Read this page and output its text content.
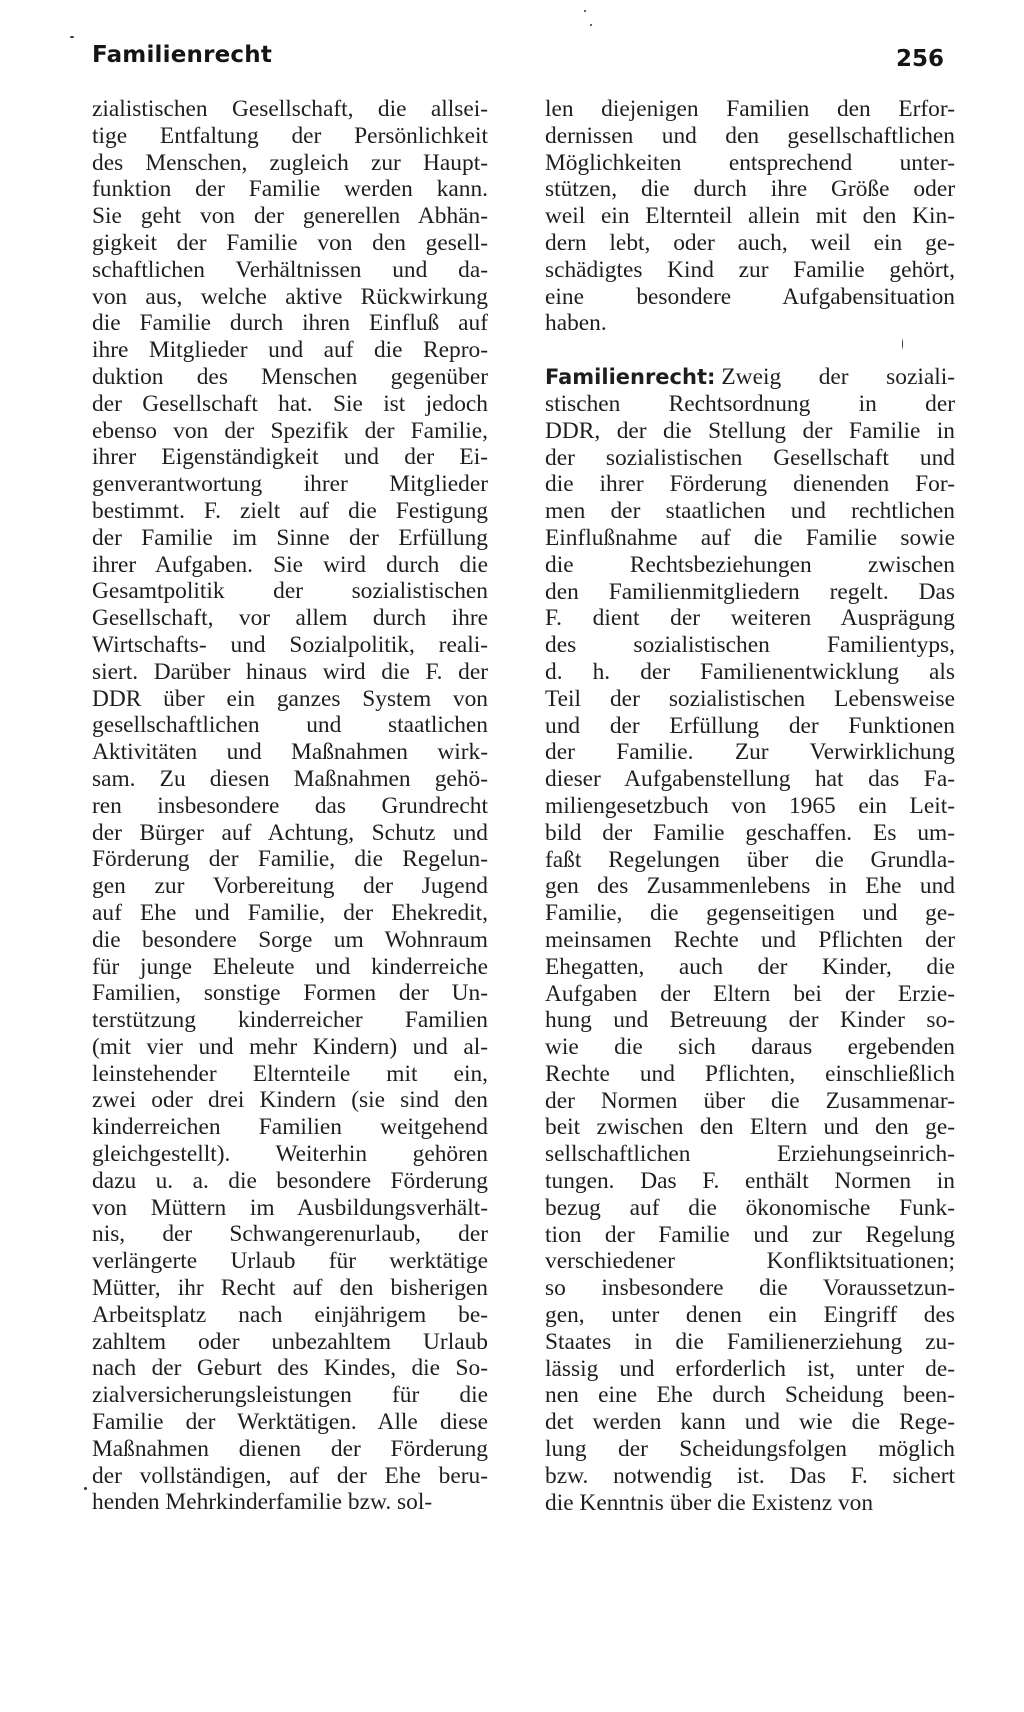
Familienrecht	256
zialistischen Gesellschaft, die allsei-
tige Entfaltung der Persönlichkeit
des Menschen, zugleich zur Haupt-
funktion der Familie werden kann.
Sie geht von der generellen Abhän-
gigkeit der Familie von den gesell-
schaftlichen Verhältnissen und da-
von aus, welche aktive Rückwirkung
die Familie durch ihren Einfluß auf
ihre Mitglieder und auf die Repro-
duktion des Menschen gegenüber
der Gesellschaft hat. Sie ist jedoch
ebenso von der Spezifik der Familie,
ihrer Eigenständigkeit und der Ei-
genverantwortung ihrer Mitglieder
bestimmt. F. zielt auf die Festigung
der Familie im Sinne der Erfüllung
ihrer Aufgaben. Sie wird durch die
Gesamtpolitik der sozialistischen
Gesellschaft, vor allem durch ihre
Wirtschafts- und Sozialpolitik, reali-
siert. Darüber hinaus wird die F. der
DDR über ein ganzes System von
gesellschaftlichen und staatlichen
Aktivitäten und Maßnahmen wirk-
sam. Zu diesen Maßnahmen gehö-
ren insbesondere das Grundrecht
der Bürger auf Achtung, Schutz und
Förderung der Familie, die Regelun-
gen zur Vorbereitung der Jugend
auf Ehe und Familie, der Ehekredit,
die besondere Sorge um Wohnraum
für junge Eheleute und kinderreiche
Familien, sonstige Formen der Un-
terstützung kinderreicher Familien
(mit vier und mehr Kindern) und al-
leinstehender Elternteile mit ein,
zwei oder drei Kindern (sie sind den
kinderreichen Familien weitgehend
gleichgestellt). Weiterhin gehören
dazu u. a. die besondere Förderung
von Müttern im Ausbildungsverhält-
nis, der Schwangerenurlaub, der
verlängerte Urlaub für werktätige
Mütter, ihr Recht auf den bisherigen
Arbeitsplatz nach einjährigem be-
zahltem oder unbezahltem Urlaub
nach der Geburt des Kindes, die So-
zialversicherungsleistungen für die
Familie der Werktätigen. Alle diese
Maßnahmen dienen der Förderung
der vollständigen, auf der Ehe beru-
henden Mehrkinderfamilie bzw. sol-
len diejenigen Familien den Erfor-
dernissen und den gesellschaftlichen
Möglichkeiten entsprechend unter-
stützen, die durch ihre Größe oder
weil ein Elternteil allein mit den Kin-
dern lebt, oder auch, weil ein ge-
schädigtes Kind zur Familie gehört,
eine besondere Aufgabensituation
haben.
Familienrecht: Zweig der soziali-
stischen Rechtsordnung in der
DDR, der die Stellung der Familie in
der sozialistischen Gesellschaft und
die ihrer Förderung dienenden For-
men der staatlichen und rechtlichen
Einflußnahme auf die Familie sowie
die Rechtsbeziehungen zwischen
den Familienmitgliedern regelt. Das
F. dient der weiteren Ausprägung
des sozialistischen Familientyps,
d. h. der Familienentwicklung als
Teil der sozialistischen Lebensweise
und der Erfüllung der Funktionen
der Familie. Zur Verwirklichung
dieser Aufgabenstellung hat das Fa-
miliengesetzbuch von 1965 ein Leit-
bild der Familie geschaffen. Es um-
faßt Regelungen über die Grundla-
gen des Zusammenlebens in Ehe und
Familie, die gegenseitigen und ge-
meinsamen Rechte und Pflichten der
Ehegatten, auch der Kinder, die
Aufgaben der Eltern bei der Erzie-
hung und Betreuung der Kinder so-
wie die sich daraus ergebenden
Rechte und Pflichten, einschließlich
der Normen über die Zusammenar-
beit zwischen den Eltern und den ge-
sellschaftlichen Erziehungseinrich-
tungen. Das F. enthält Normen in
bezug auf die ökonomische Funk-
tion der Familie und zur Regelung
verschiedener Konfliktsituationen;
so insbesondere die Voraussetzun-
gen, unter denen ein Eingriff des
Staates in die Familienerziehung zu-
lässig und erforderlich ist, unter de-
nen eine Ehe durch Scheidung been-
det werden kann und wie die Rege-
lung der Scheidungsfolgen möglich
bzw. notwendig ist. Das F. sichert
die Kenntnis über die Existenz von
